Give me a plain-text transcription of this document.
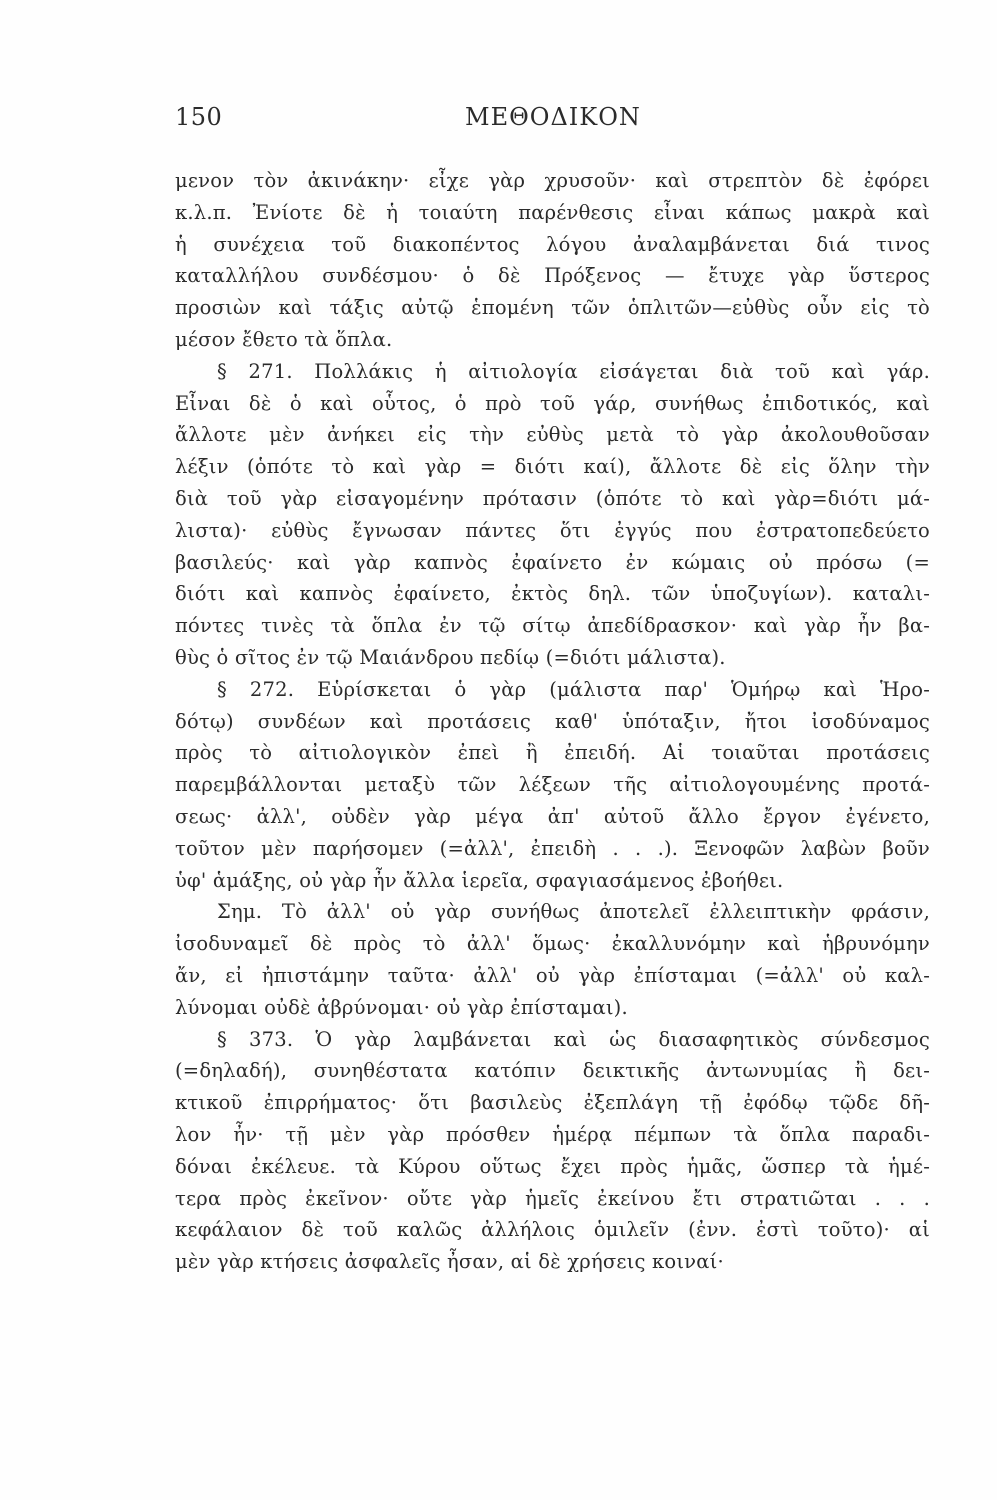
150	ΜΕΘΟΔΙΚΟΝ
μενον τὸν ἀκινάκην· εἶχε γὰρ χρυσοῦν· καὶ στρεπτὸν δὲ ἐφόρει
κ.λ.π. Ἐνίοτε δὲ ἡ τοιαύτη παρένθεσις εἶναι κάπως μακρὰ καὶ
ἡ συνέχεια τοῦ διακοπέντος λόγου ἀναλαμβάνεται διά τινος
καταλλήλου συνδέσμου· ὁ δὲ Πρόξενος — ἔτυχε γὰρ ὕστερος
προσιὼν καὶ τάξις αὐτῷ ἑπομένη τῶν ὁπλιτῶν—εὐθὺς οὖν εἰς τὸ
μέσον ἔθετο τὰ ὅπλα.
§ 271. Πολλάκις ἡ αἰτιολογία εἰσάγεται διὰ τοῦ καὶ γάρ.
Εἶναι δὲ ὁ καὶ οὗτος, ὁ πρὸ τοῦ γάρ, συνήθως ἐπιδοτικός, καὶ
ἄλλοτε μὲν ἀνήκει εἰς τὴν εὐθὺς μετὰ τὸ γὰρ ἀκολουθοῦσαν
λέξιν (ὁπότε τὸ καὶ γὰρ = διότι καί), ἄλλοτε δὲ εἰς ὅλην τὴν
διὰ τοῦ γὰρ εἰσαγομένην πρότασιν (ὁπότε τὸ καὶ γὰρ=διότι μά-
λιστα)· εὐθὺς ἔγνωσαν πάντες ὅτι ἐγγύς που ἐστρατοπεδεύετο
βασιλεύς· καὶ γὰρ καπνὸς ἐφαίνετο ἐν κώμαις οὐ πρόσω (=
διότι καὶ καπνὸς ἐφαίνετο, ἐκτὸς δηλ. τῶν ὑποζυγίων). καταλι-
πόντες τινὲς τὰ ὅπλα ἐν τῷ σίτῳ ἀπεδίδρασκον· καὶ γὰρ ἦν βα-
θὺς ὁ σῖτος ἐν τῷ Μαιάνδρου πεδίῳ (=διότι μάλιστα).
§ 272. Εὑρίσκεται ὁ γὰρ (μάλιστα παρ' Ὁμήρῳ καὶ Ἡρο-
δότῳ) συνδέων καὶ προτάσεις καθ' ὑπόταξιν, ἤτοι ἰσοδύναμος
πρὸς τὸ αἰτιολογικὸν ἐπεὶ ἢ ἐπειδή. Αἱ τοιαῦται προτάσεις
παρεμβάλλονται μεταξὺ τῶν λέξεων τῆς αἰτιολογουμένης προτά-
σεως· ἀλλ', οὐδὲν γὰρ μέγα ἀπ' αὐτοῦ ἄλλο ἔργον ἐγένετο,
τοῦτον μὲν παρήσομεν (=ἀλλ', ἐπειδὴ . . .). Ξενοφῶν λαβὼν βοῦν
ὑφ' ἁμάξης, οὐ γὰρ ἦν ἄλλα ἱερεῖα, σφαγιασάμενος ἐβοήθει.
Σημ. Τὸ ἀλλ' οὐ γὰρ συνήθως ἀποτελεῖ ἐλλειπτικὴν φράσιν,
ἰσοδυναμεῖ δὲ πρὸς τὸ ἀλλ' ὅμως· ἐκαλλυνόμην καὶ ἡβρυνόμην
ἄν, εἰ ἠπιστάμην ταῦτα· ἀλλ' οὐ γὰρ ἐπίσταμαι (=ἀλλ' οὐ καλ-
λύνομαι οὐδὲ ἀβρύνομαι· οὐ γὰρ ἐπίσταμαι).
§ 373. Ὁ γὰρ λαμβάνεται καὶ ὡς διασαφητικὸς σύνδεσμος
(=δηλαδή), συνηθέστατα κατόπιν δεικτικῆς ἀντωνυμίας ἢ δει-
κτικοῦ ἐπιρρήματος· ὅτι βασιλεὺς ἐξεπλάγη τῇ ἐφόδῳ τῷδε δῆ-
λον ἦν· τῇ μὲν γὰρ πρόσθεν ἡμέρᾳ πέμπων τὰ ὅπλα παραδι-
δόναι ἐκέλευε. τὰ Κύρου οὕτως ἔχει πρὸς ἡμᾶς, ὥσπερ τὰ ἡμέ-
τερα πρὸς ἐκεῖνον· οὔτε γὰρ ἡμεῖς ἐκείνου ἔτι στρατιῶται . . .
κεφάλαιον δὲ τοῦ καλῶς ἀλλήλοις ὁμιλεῖν (ἐνν. ἐστὶ τοῦτο)· αἱ
μὲν γὰρ κτήσεις ἀσφαλεῖς ἦσαν, αἱ δὲ χρήσεις κοιναί·
